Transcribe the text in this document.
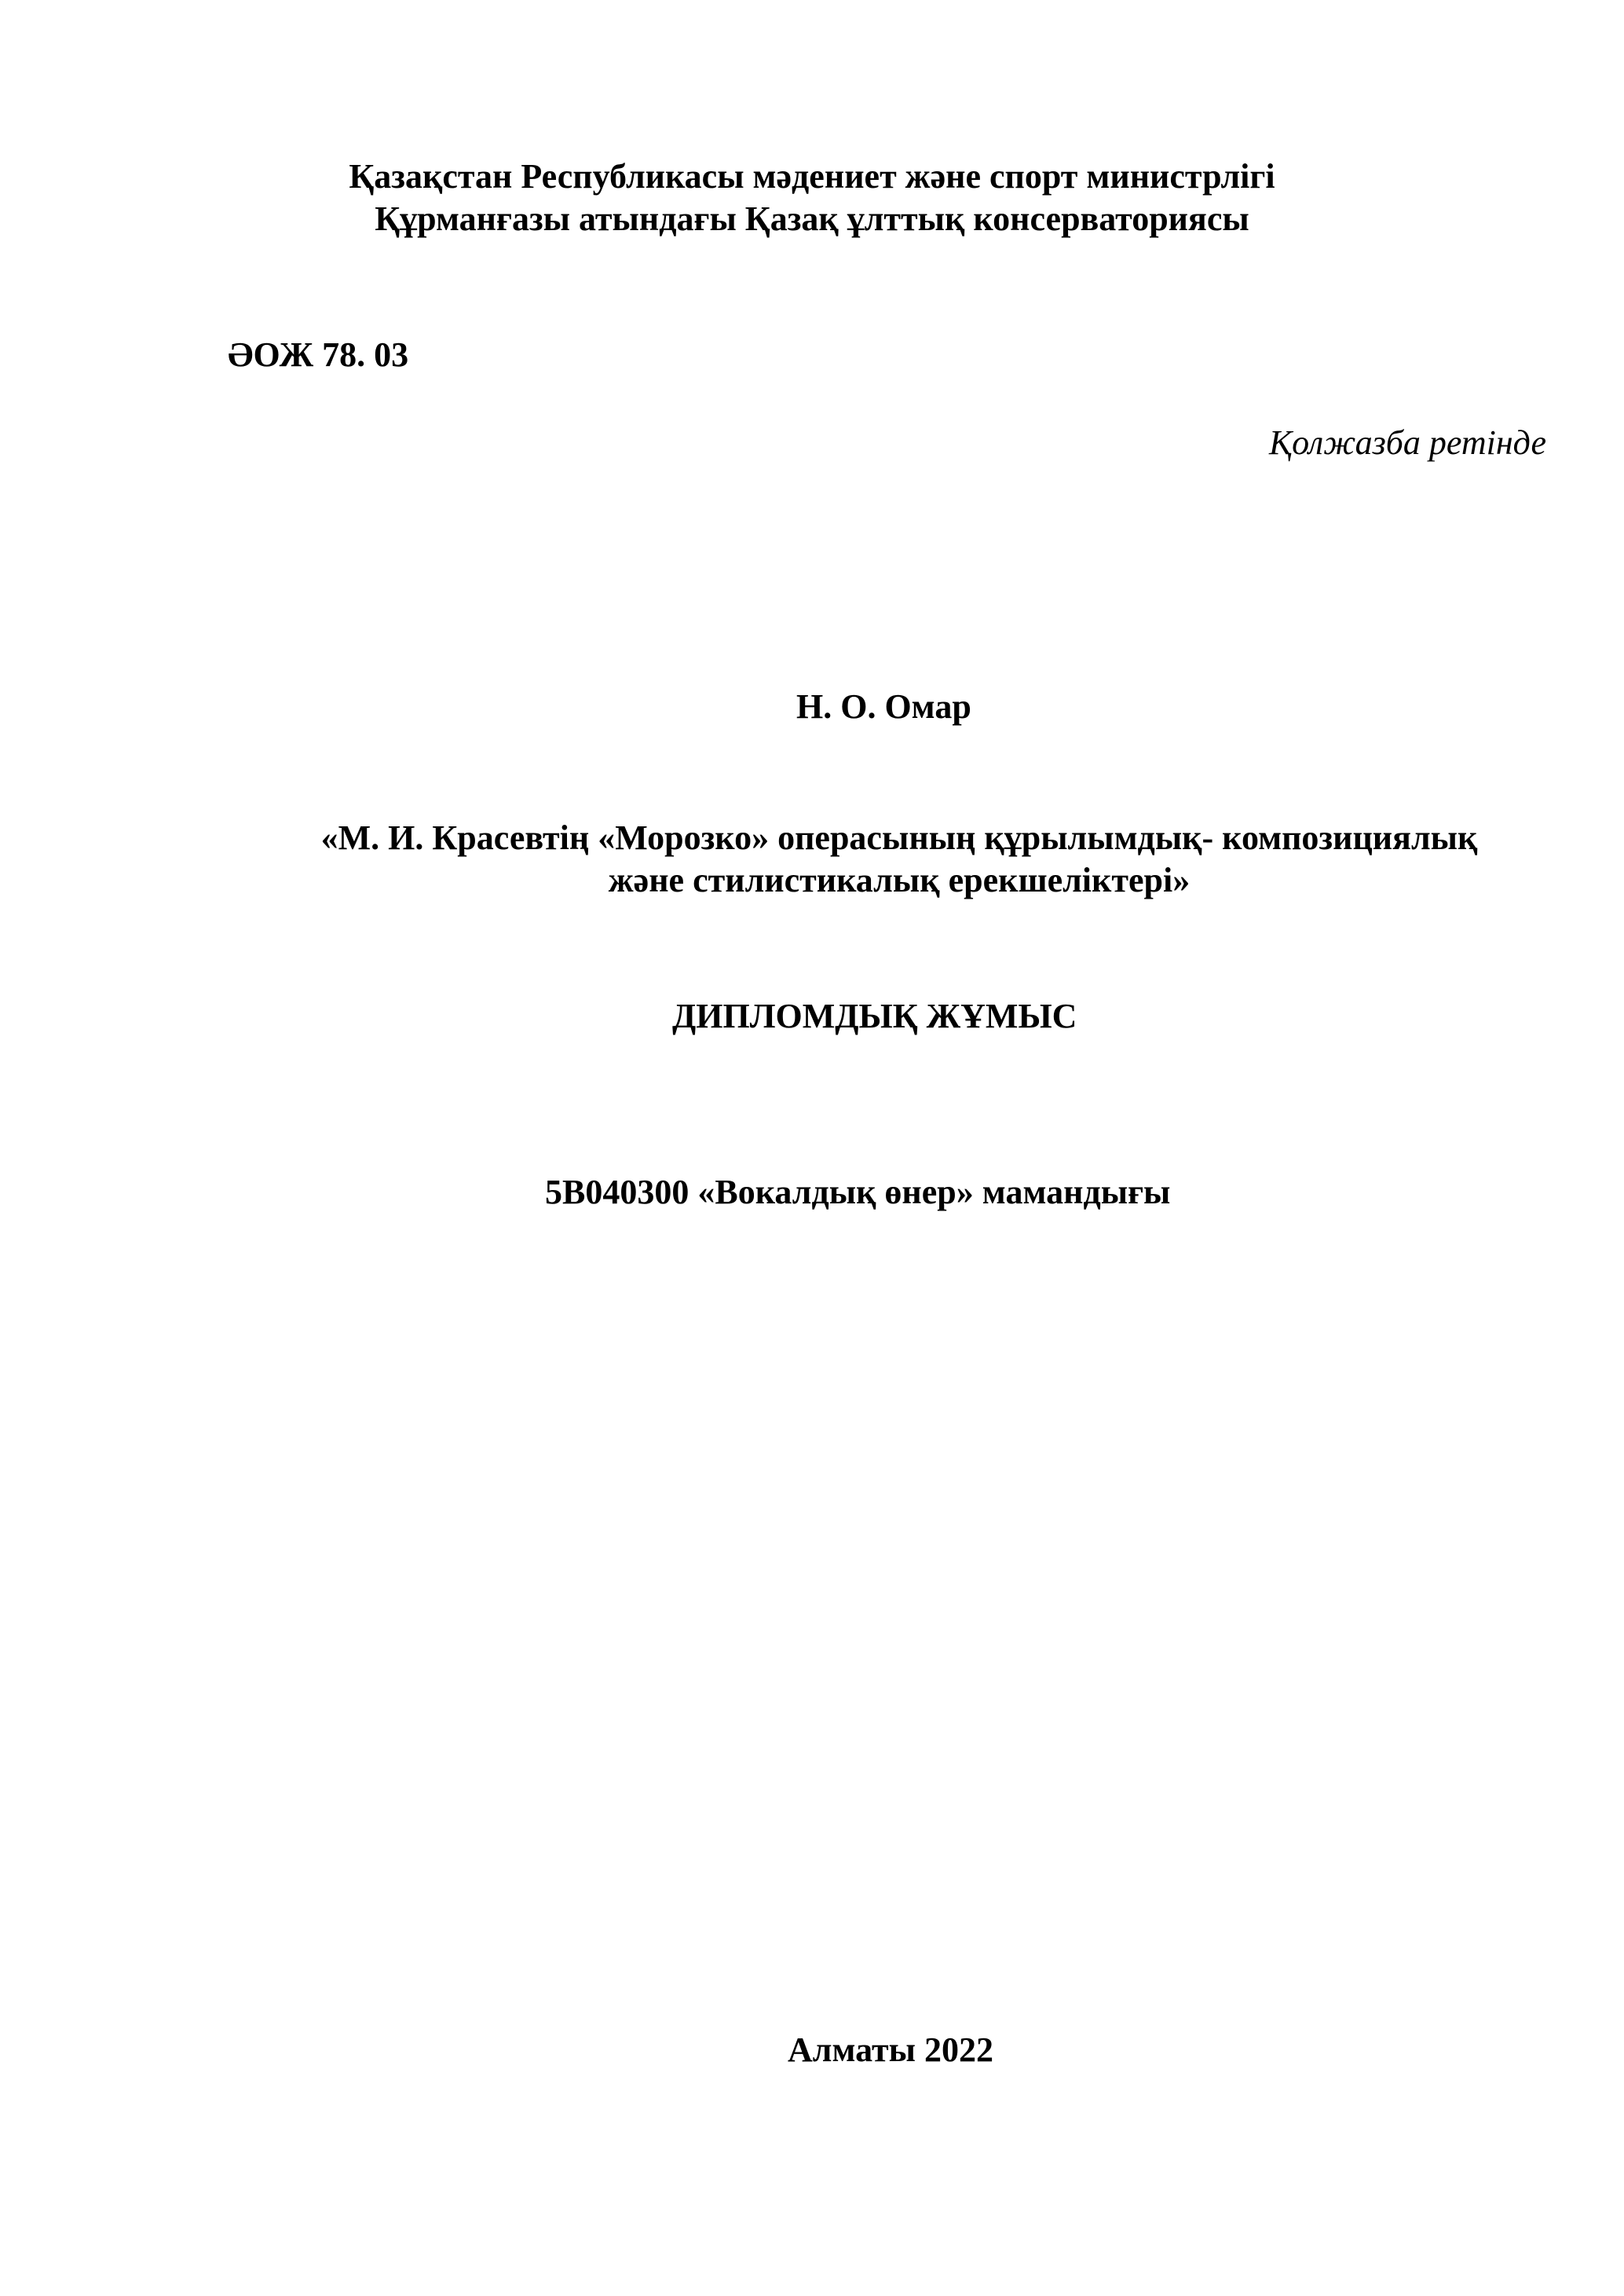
Қазақстан Республикасы мәдениет және спорт министрлігі
Құрманғазы атындағы Қазақ ұлттық консерваториясы
ӘОЖ 78. 03
Қолжазба ретінде
Н. О. Омар
«М. И. Красевтің «Морозко» операсының құрылымдық- композициялық
және стилистикалық ерекшеліктері»
ДИПЛОМДЫҚ ЖҰМЫС
5В040300 «Вокалдық өнер» мамандығы
Алматы 2022
